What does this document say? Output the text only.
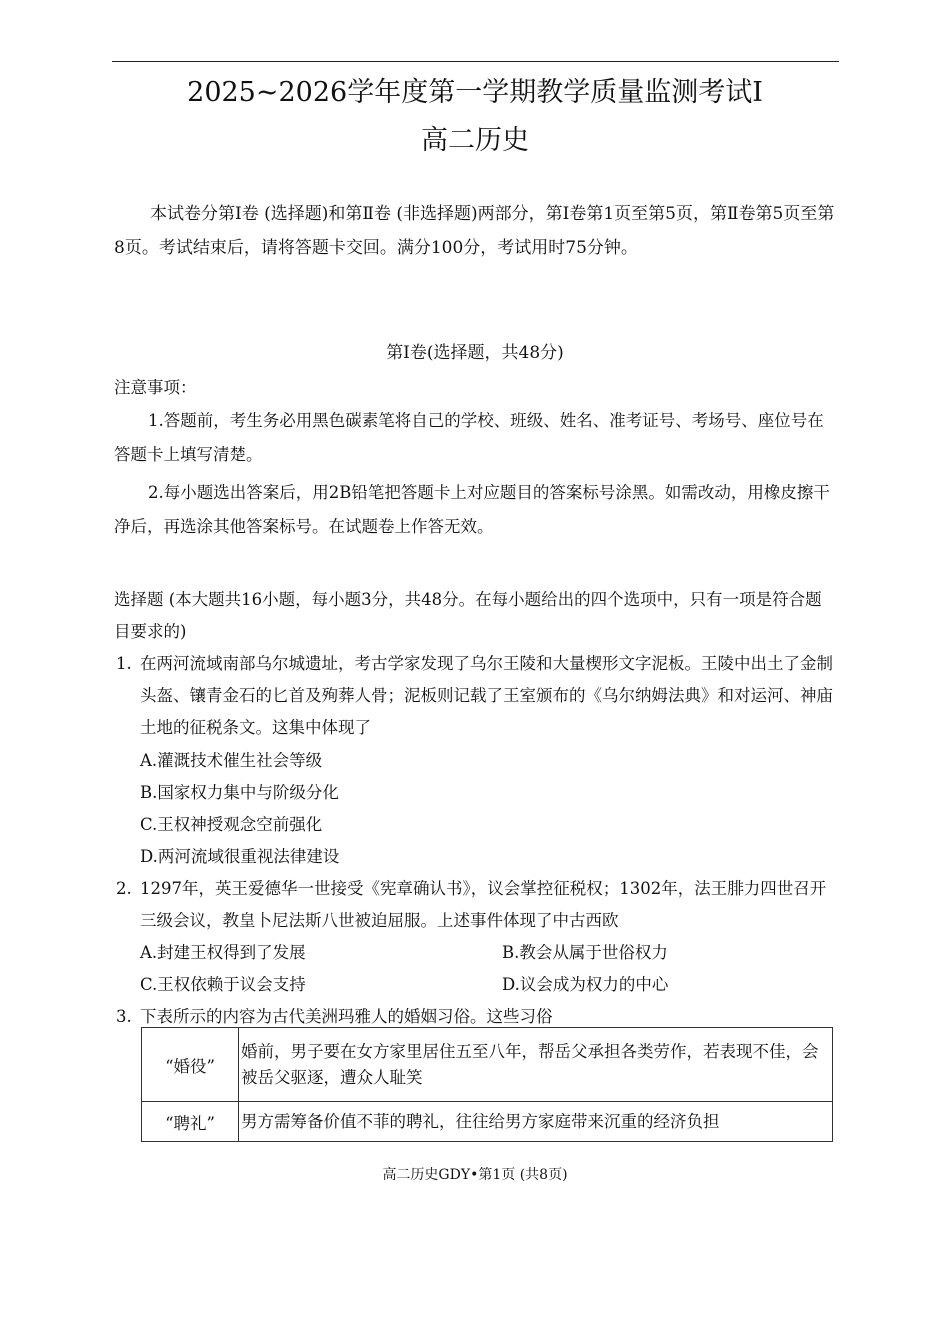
2025~2026学年度第一学期教学质量监测考试Ⅰ
高二历史
本试卷分第Ⅰ卷 (选择题)和第Ⅱ卷 (非选择题)两部分，第Ⅰ卷第1页至第5页，第Ⅱ卷第5页至第8页。考试结束后，请将答题卡交回。满分100分，考试用时75分钟。
第Ⅰ卷(选择题，共48分)
注意事项：
1.答题前，考生务必用黑色碳素笔将自己的学校、班级、姓名、准考证号、考场号、座位号在答题卡上填写清楚。
2.每小题选出答案后，用2B铅笔把答题卡上对应题目的答案标号涂黑。如需改动，用橡皮擦干净后，再选涂其他答案标号。在试题卷上作答无效。
选择题 (本大题共16小题，每小题3分，共48分。在每小题给出的四个选项中，只有一项是符合题目要求的)
1. 在两河流域南部乌尔城遗址，考古学家发现了乌尔王陵和大量楔形文字泥板。王陵中出土了金制头盔、镶青金石的匕首及殉葬人骨；泥板则记载了王室颁布的《乌尔纳姆法典》和对运河、神庙土地的征税条文。这集中体现了
A.灌溉技术催生社会等级
B.国家权力集中与阶级分化
C.王权神授观念空前强化
D.两河流域很重视法律建设
2. 1297年，英王爱德华一世接受《宪章确认书》，议会掌控征税权；1302年，法王腓力四世召开三级会议，教皇卜尼法斯八世被迫屈服。上述事件体现了中古西欧
A.封建王权得到了发展	B.教会从属于世俗权力
C.王权依赖于议会支持	D.议会成为权力的中心
3. 下表所示的内容为古代美洲玛雅人的婚姻习俗。这些习俗
“婚役”	婚前，男子要在女方家里居住五至八年，帮岳父承担各类劳作，若表现不佳，会被岳父驱逐，遭众人耻笑
“聘礼”	男方需筹备价值不菲的聘礼，往往给男方家庭带来沉重的经济负担
高二历史GDY•第1页 (共8页)
